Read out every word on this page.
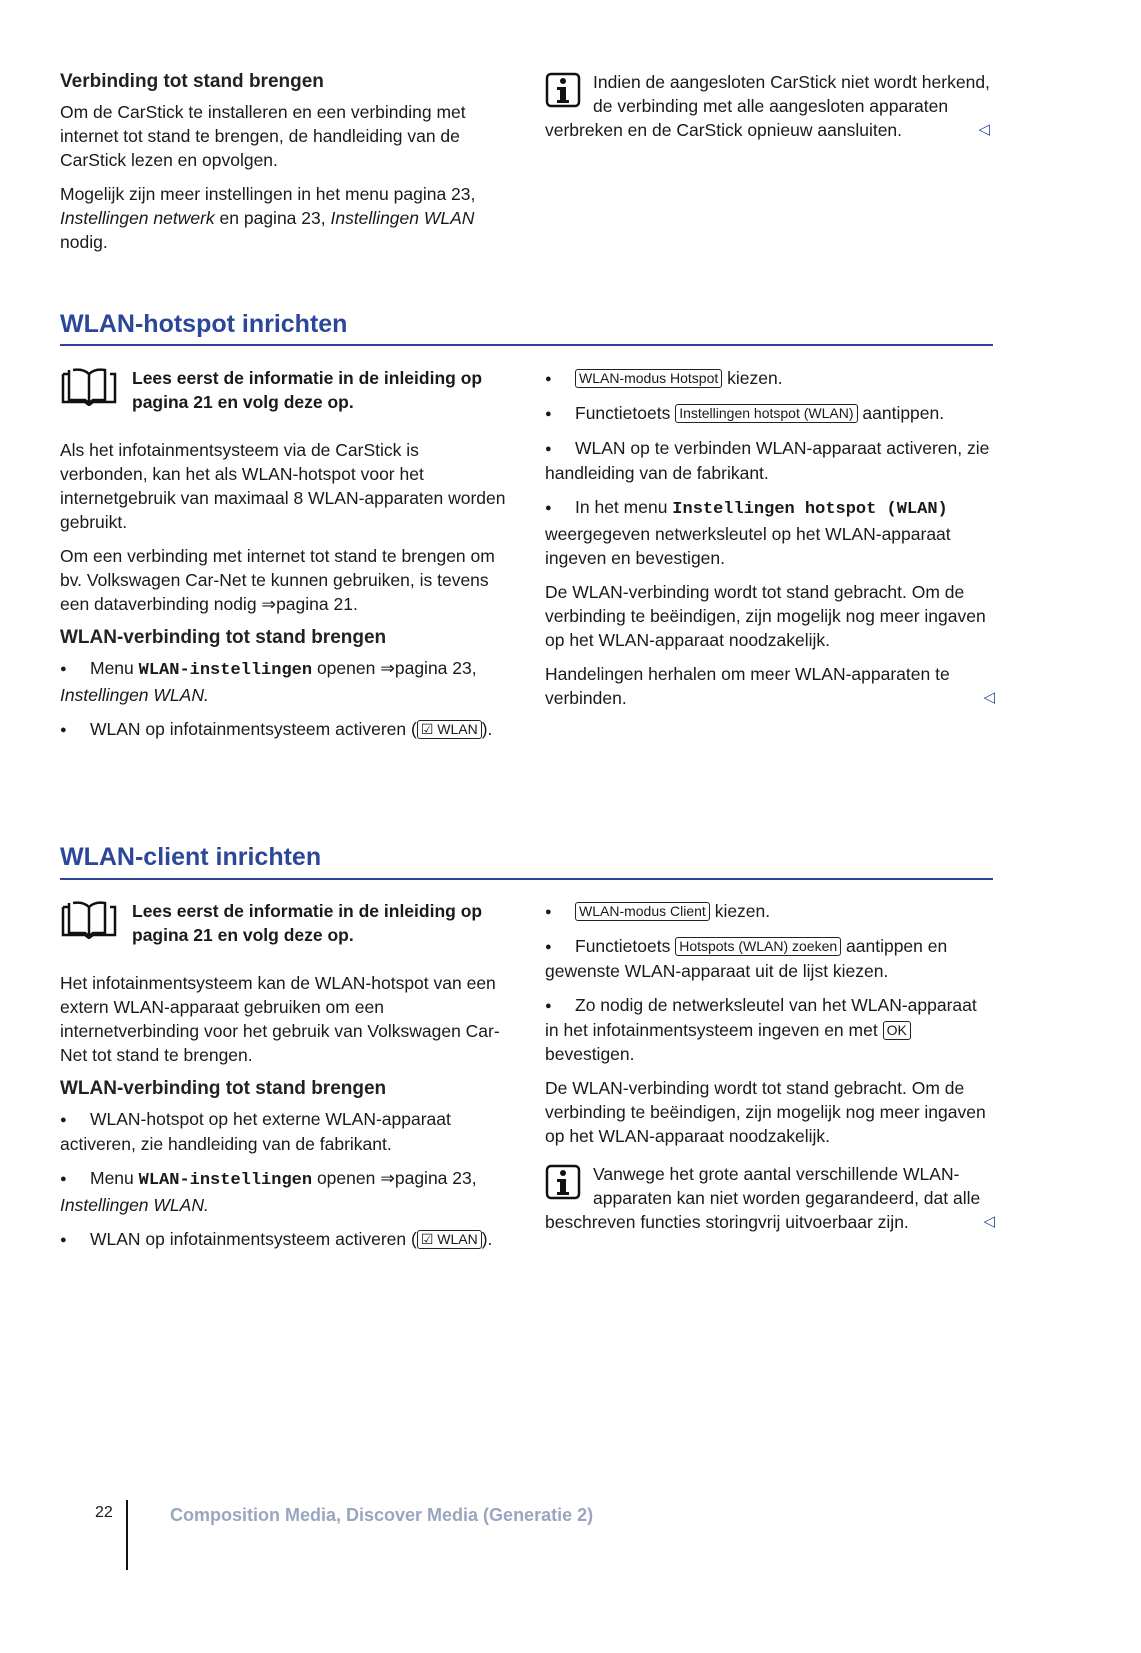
Verbinding tot stand brengen

Om de CarStick te installeren en een verbinding met internet tot stand te brengen, de handleiding van de CarStick lezen en opvolgen.

Mogelijk zijn meer instellingen in het menu pagina 23, Instellingen netwerk en pagina 23, Instellingen WLAN nodig.

Indien de aangesloten CarStick niet wordt herkend, de verbinding met alle aangesloten apparaten verbreken en de CarStick opnieuw aansluiten.	◁

WLAN-hotspot inrichten
Lees eerst de informatie in de inleiding op pagina 21 en volg deze op.

Als het infotainmentsysteem via de CarStick is verbonden, kan het als WLAN-hotspot voor het internetgebruik van maximaal 8 WLAN-apparaten worden gebruikt.

Om een verbinding met internet tot stand te brengen om bv. Volkswagen Car-Net te kunnen gebruiken, is tevens een dataverbinding nodig ⇒pagina 21.

WLAN-verbinding tot stand brengen

● Menu WLAN-instellingen openen ⇒pagina 23, Instellingen WLAN.

● WLAN op infotainmentsysteem activeren ( ☑ WLAN ).

● WLAN-modus Hotspot kiezen.

● Functietoets Instellingen hotspot (WLAN) aantippen.

● WLAN op te verbinden WLAN-apparaat activeren, zie handleiding van de fabrikant.

● In het menu Instellingen hotspot (WLAN) weergegeven netwerksleutel op het WLAN-apparaat ingeven en bevestigen.

De WLAN-verbinding wordt tot stand gebracht. Om de verbinding te beëindigen, zijn mogelijk nog meer ingaven op het WLAN-apparaat noodzakelijk.

Handelingen herhalen om meer WLAN-apparaten te verbinden.	◁

WLAN-client inrichten
Lees eerst de informatie in de inleiding op pagina 21 en volg deze op.

Het infotainmentsysteem kan de WLAN-hotspot van een extern WLAN-apparaat gebruiken om een internetverbinding voor het gebruik van Volkswagen Car-Net tot stand te brengen.

WLAN-verbinding tot stand brengen

● WLAN-hotspot op het externe WLAN-apparaat activeren, zie handleiding van de fabrikant.

● Menu WLAN-instellingen openen ⇒pagina 23, Instellingen WLAN.

● WLAN op infotainmentsysteem activeren ( ☑ WLAN ).

● WLAN-modus Client kiezen.

● Functietoets Hotspots (WLAN) zoeken aantippen en gewenste WLAN-apparaat uit de lijst kiezen.

● Zo nodig de netwerksleutel van het WLAN-apparaat in het infotainmentsysteem ingeven en met OK bevestigen.

De WLAN-verbinding wordt tot stand gebracht. Om de verbinding te beëindigen, zijn mogelijk nog meer ingaven op het WLAN-apparaat noodzakelijk.

Vanwege het grote aantal verschillende WLAN-apparaten kan niet worden gegarandeerd, dat alle beschreven functies storingvrij uitvoerbaar zijn.	◁

22	Composition Media, Discover Media (Generatie 2)
